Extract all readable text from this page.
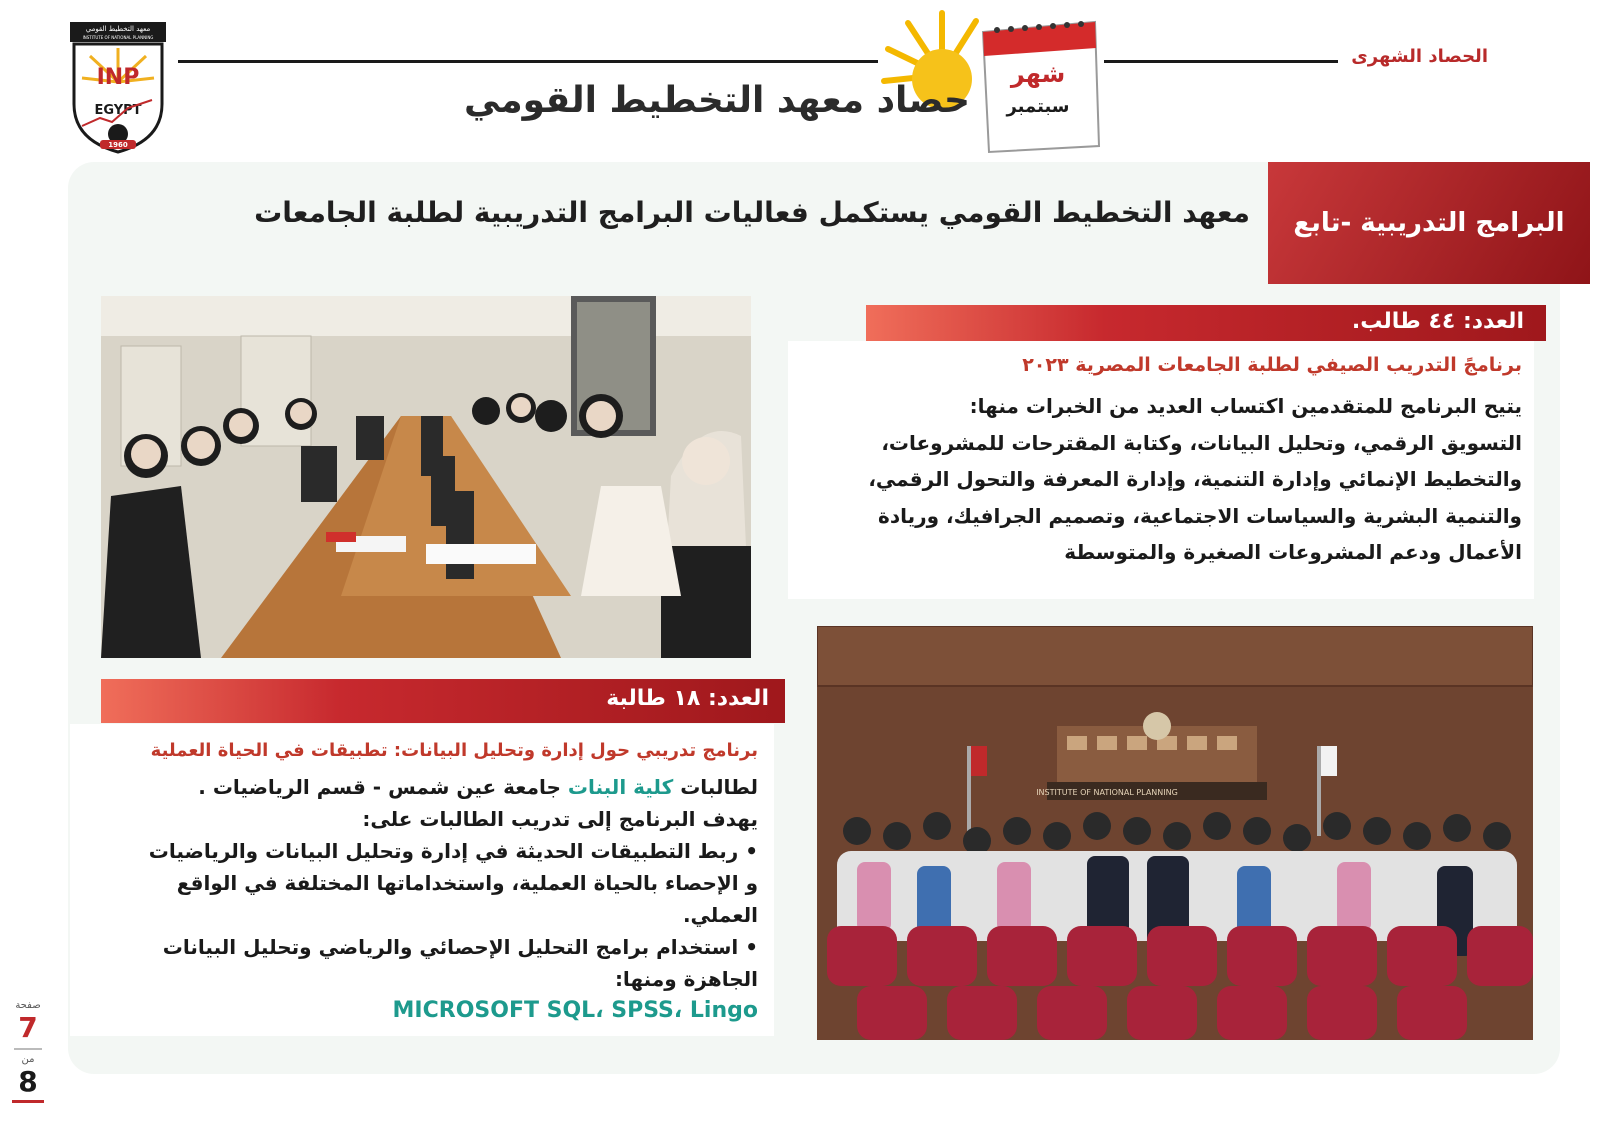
معهد التخطيط القومي
INSTITUTE OF NATIONAL PLANNING
INP
EGYPT
1960
الحصاد الشهرى
حصاد معهد التخطيط القومي
شهر
سبتمبر
البرامج التدريبية -تابع
معهد التخطيط القومي يستكمل فعاليات البرامج التدريبية لطلبة الجامعات
العدد: ٤٤ طالب.
برنامجً التدريب الصيفي لطلبة الجامعات المصرية ٢٠٢٣
يتيح البرنامج للمتقدمين اكتساب العديد من الخبرات منها:
التسويق الرقمي، وتحليل البيانات، وكتابة المقترحات للمشروعات،
والتخطيط الإنمائي وإدارة التنمية، وإدارة المعرفة والتحول الرقمي،
والتنمية البشرية والسياسات الاجتماعية، وتصميم الجرافيك، وريادة
الأعمال ودعم المشروعات الصغيرة والمتوسطة
العدد: ١٨ طالبة
برنامج تدريبي حول إدارة وتحليل البيانات: تطبيقات في الحياة العملية
لطالبات كلية البنات جامعة عين شمس - قسم الرياضيات .
يهدف البرنامج إلى تدريب الطالبات على:
• ربط التطبيقات الحديثة في إدارة وتحليل البيانات والرياضيات
و الإحصاء بالحياة العملية، واستخداماتها المختلفة في الواقع
العملي.
• استخدام برامج التحليل الإحصائي والرياضي وتحليل البيانات
الجاهزة ومنها:
MICROSOFT SQL، SPSS، Lingo
INSTITUTE OF NATIONAL PLANNING
صفحة
7
من
8
